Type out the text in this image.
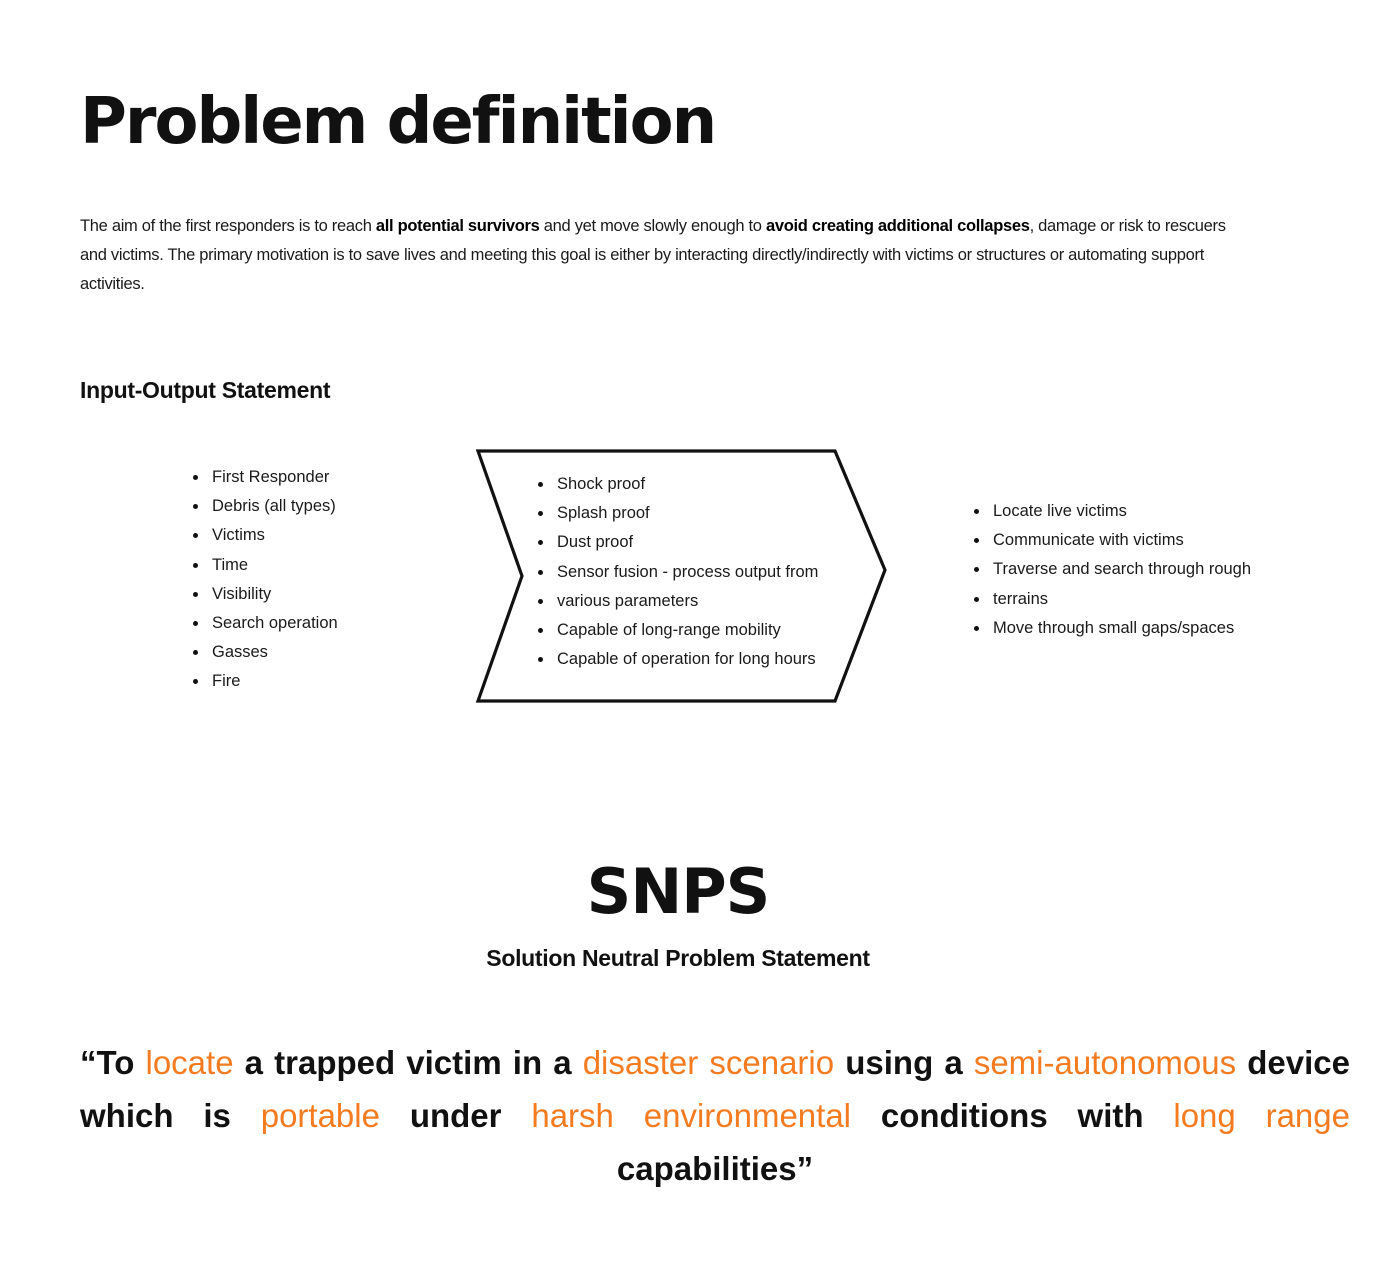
Problem definition

The aim of the first responders is to reach all potential survivors and yet move slowly enough to avoid creating additional collapses, damage or risk to rescuers and victims. The primary motivation is to save lives and meeting this goal is either by interacting directly/indirectly with victims or structures or automating support activities.

Input-Output Statement
First Responder
Debris (all types)
Victims
Time
Visibility
Search operation
Gasses
Fire
Shock proof
Splash proof
Dust proof
Sensor fusion - process output from
various parameters
Capable of long-range mobility
Capable of operation for long hours
Locate live victims
Communicate with victims
Traverse and search through rough
terrains
Move through small gaps/spaces
SNPS
Solution Neutral Problem Statement

“To locate a trapped victim in a disaster scenario using a semi-autonomous device which is portable under harsh environmental conditions with long range capabilities”
